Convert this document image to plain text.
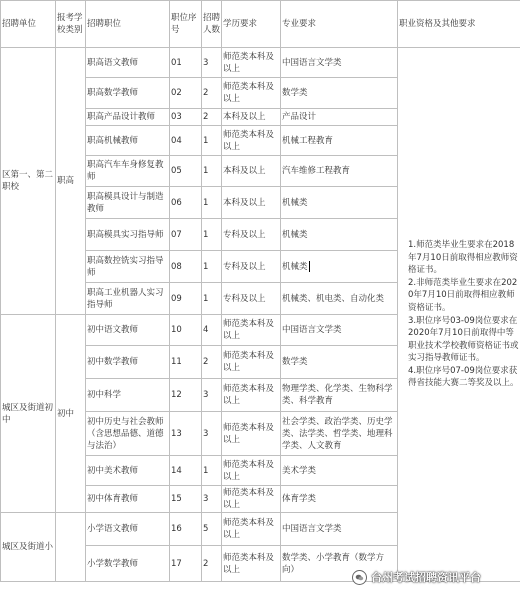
招聘单位	报考学校类别	招聘职位	职位序号	招聘人数	学历要求	专业要求	职业资格及其他要求
区第一、第二职校	职高	职高语文教师	01	3	师范类本科及以上	中国语言文学类	1.师范类毕业生要求在2018年7月10日前取得相应教师资格证书。

2.非师范类毕业生要求在2020年7月10日前取得相应教师资格证书。

3.职位序号03-09岗位要求在2020年7月10日前取得中等职业技术学校教师资格证书或实习指导教师证书。

4.职位序号07-09岗位要求获得省技能大赛二等奖及以上。

		职高数学教师	02	2	师范类本科及以上	数学类	
		职高产品设计教师	03	2	本科及以上	产品设计	
		职高机械教师	04	1	师范类本科及以上	机械工程教育	
		职高汽车车身修复教师	05	1	本科及以上	汽车维修工程教育	
		职高模具设计与制造教师	06	1	本科及以上	机械类	
		职高模具实习指导师	07	1	专科及以上	机械类	
		职高数控铣实习指导师	08	1	专科及以上	机械类	
		职高工业机器人实习指导师	09	1	专科及以上	机械类、机电类、自动化类	
城区及街道初中	初中	初中语文教师	10	4	师范类本科及以上	中国语言文学类	
		初中数学教师	11	2	师范类本科及以上	数学类	
		初中科学	12	3	师范类本科及以上	物理学类、化学类、生物科学类、科学教育	
		初中历史与社会教师（含思想品德、道德与法治）	13	3	师范类本科及以上	社会学类、政治学类、历史学类、法学类、哲学类、地理科学类、人文教育	
		初中美术教师	14	1	师范类本科及以上	美术学类	
		初中体育教师	15	3	师范类本科及以上	体育学类	
城区及街道小		小学语文教师	16	5	师范类本科及以上	中国语言文学类	
		小学数学教师	17	2	师范类本科及以上	数学类、小学教育（数学方向）	
台州考试招聘资讯平台
